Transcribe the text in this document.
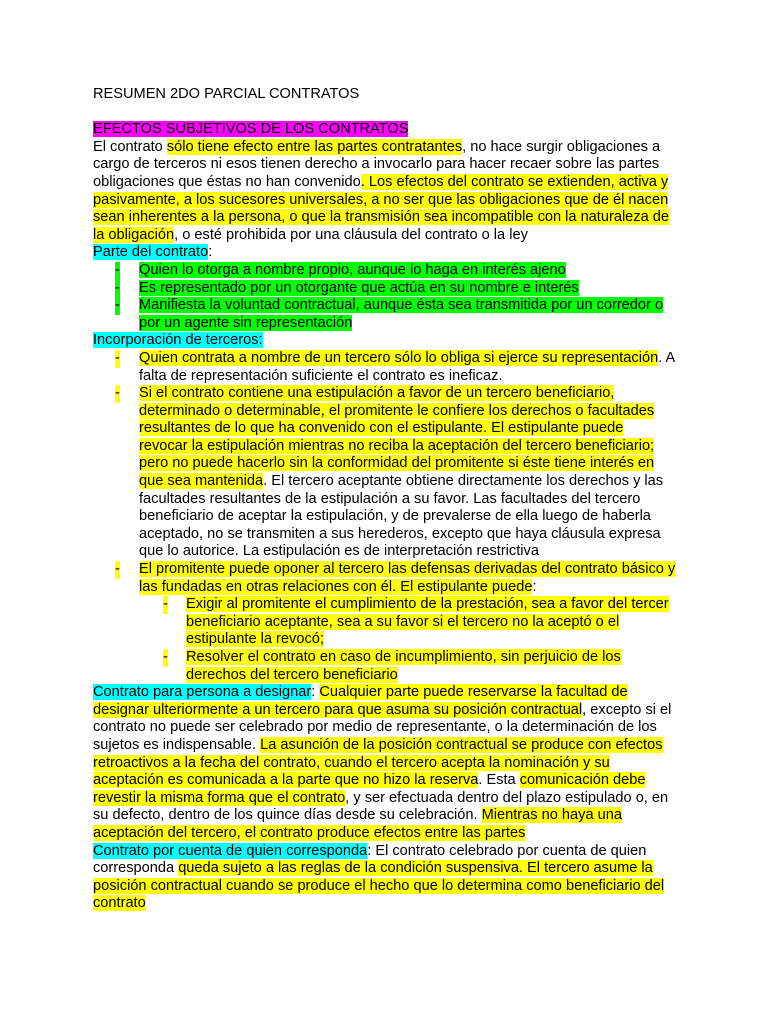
RESUMEN 2DO PARCIAL CONTRATOS

EFECTOS SUBJETIVOS DE LOS CONTRATOS

El contrato sólo tiene efecto entre las partes contratantes, no hace surgir obligaciones a cargo de terceros ni esos tienen derecho a invocarlo para hacer recaer sobre las partes obligaciones que éstas no han convenido. Los efectos del contrato se extienden, activa y pasivamente, a los sucesores universales, a no ser que las obligaciones que de él nacen sean inherentes a la persona, o que la transmisión sea incompatible con la naturaleza de la obligación, o esté prohibida por una cláusula del contrato o la ley

Parte del contrato:

- Quien lo otorga a nombre propio, aunque lo haga en interés ajeno

- Es representado por un otorgante que actúa en su nombre e interés

- Manifiesta la voluntad contractual, aunque ésta sea transmitida por un corredor o por un agente sin representación

Incorporación de terceros:

- Quien contrata a nombre de un tercero sólo lo obliga si ejerce su representación. A falta de representación suficiente el contrato es ineficaz.

- Si el contrato contiene una estipulación a favor de un tercero beneficiario, determinado o determinable, el promitente le confiere los derechos o facultades resultantes de lo que ha convenido con el estipulante. El estipulante puede revocar la estipulación mientras no reciba la aceptación del tercero beneficiario; pero no puede hacerlo sin la conformidad del promitente si éste tiene interés en que sea mantenida. El tercero aceptante obtiene directamente los derechos y las facultades resultantes de la estipulación a su favor. Las facultades del tercero beneficiario de aceptar la estipulación, y de prevalerse de ella luego de haberla aceptado, no se transmiten a sus herederos, excepto que haya cláusula expresa que lo autorice. La estipulación es de interpretación restrictiva

- El promitente puede oponer al tercero las defensas derivadas del contrato básico y las fundadas en otras relaciones con él. El estipulante puede:

- Exigir al promitente el cumplimiento de la prestación, sea a favor del tercer beneficiario aceptante, sea a su favor si el tercero no la aceptó o el estipulante la revocó;

- Resolver el contrato en caso de incumplimiento, sin perjuicio de los derechos del tercero beneficiario

Contrato para persona a designar: Cualquier parte puede reservarse la facultad de designar ulteriormente a un tercero para que asuma su posición contractual, excepto si el contrato no puede ser celebrado por medio de representante, o la determinación de los sujetos es indispensable. La asunción de la posición contractual se produce con efectos retroactivos a la fecha del contrato, cuando el tercero acepta la nominación y su aceptación es comunicada a la parte que no hizo la reserva. Esta comunicación debe revestir la misma forma que el contrato, y ser efectuada dentro del plazo estipulado o, en su defecto, dentro de los quince días desde su celebración. Mientras no haya una aceptación del tercero, el contrato produce efectos entre las partes

Contrato por cuenta de quien corresponda: El contrato celebrado por cuenta de quien corresponda queda sujeto a las reglas de la condición suspensiva. El tercero asume la posición contractual cuando se produce el hecho que lo determina como beneficiario del contrato
